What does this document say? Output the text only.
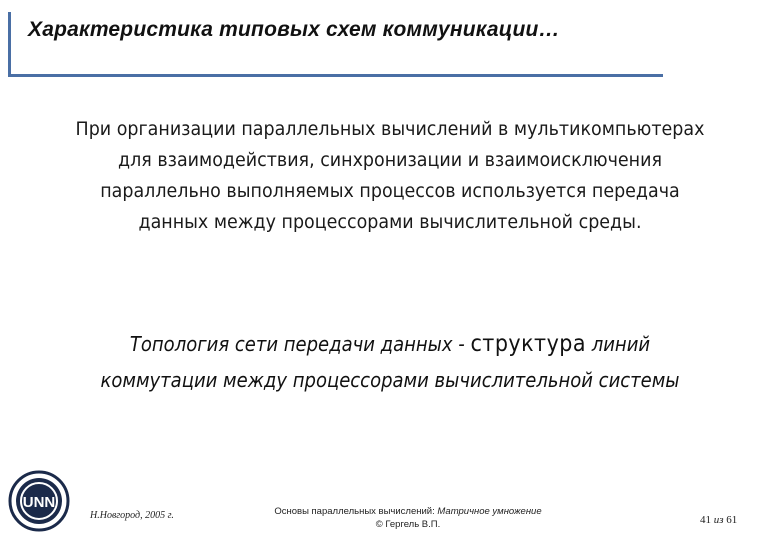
Характеристика типовых схем коммуникации…
При организации параллельных вычислений в мультикомпьютерах
для взаимодействия, синхронизации и взаимоисключения
параллельно выполняемых процессов используется передача
данных между процессорами вычислительной среды.
Топология сети передачи данных - структура линий
коммутации между процессорами вычислительной системы
UNN
Н.Новгород, 2005 г.	Основы параллельных вычислений: Матричное умножение
© Гергель В.П.	41 из 61
